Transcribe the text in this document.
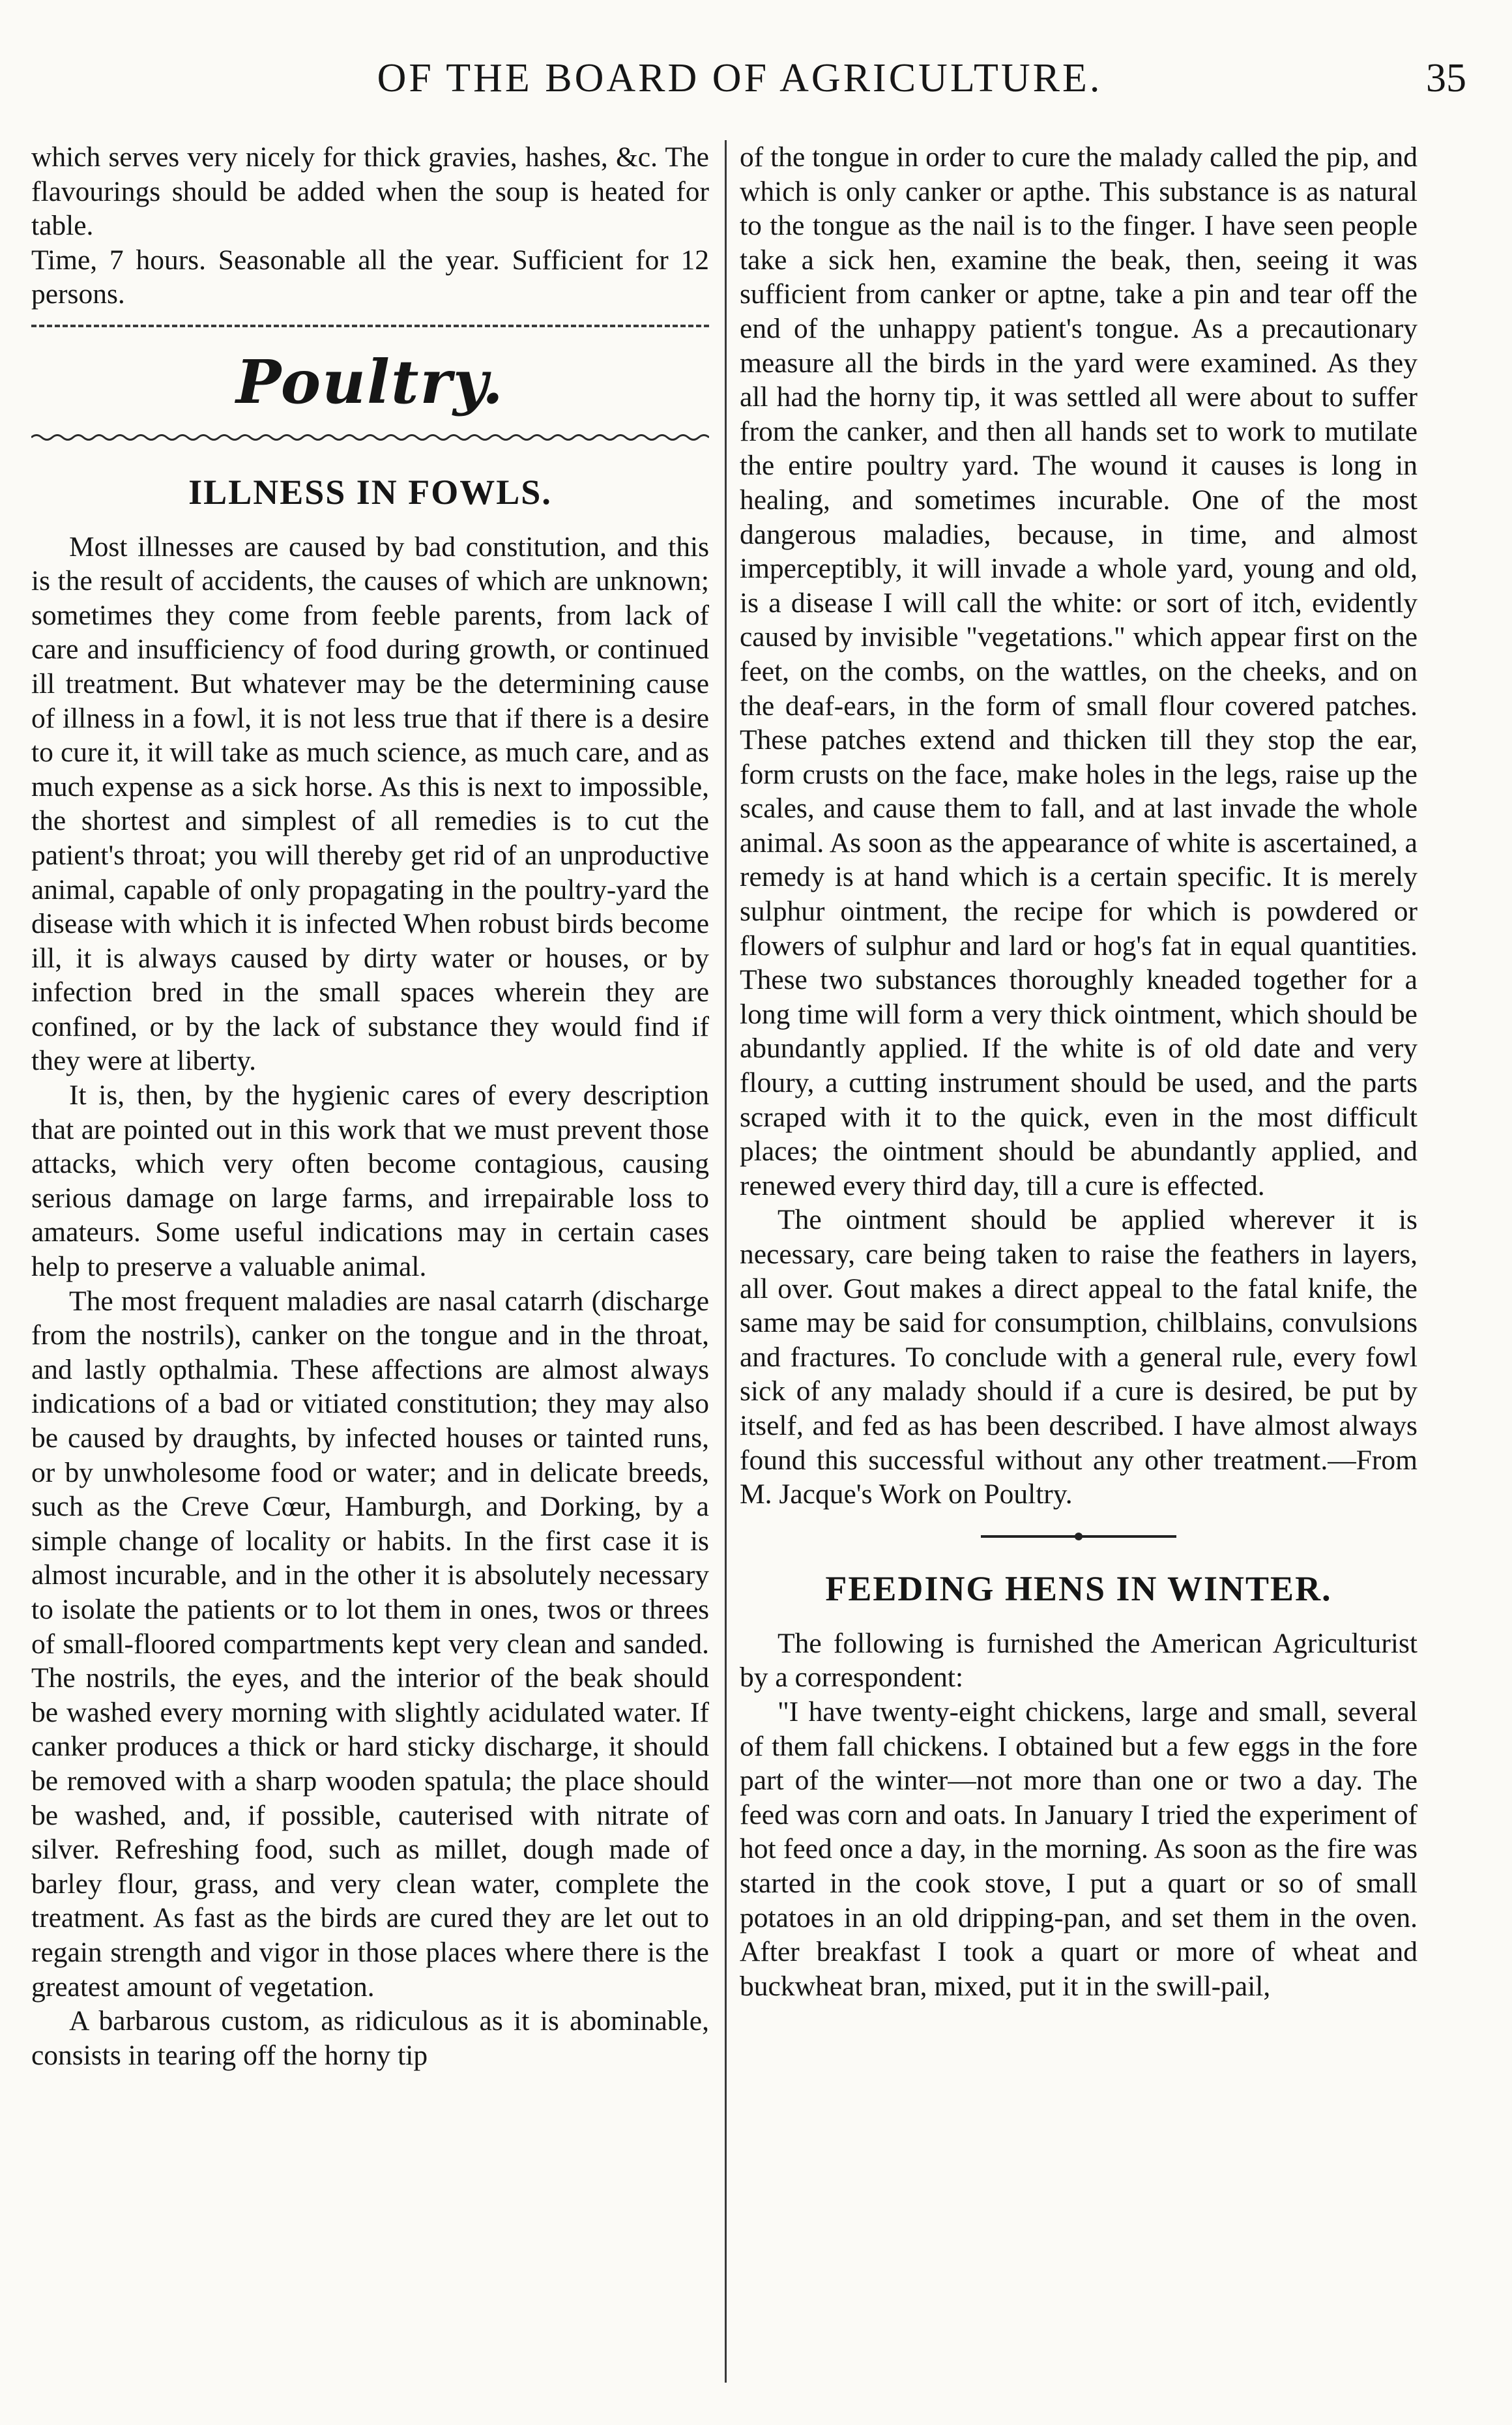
OF THE BOARD OF AGRICULTURE.	35

which serves very nicely for thick gravies, hashes, &c. The flavourings should be added when the soup is heated for table.

Time, 7 hours. Seasonable all the year. Sufficient for 12 persons.

Poultry.
ILLNESS IN FOWLS.

Most illnesses are caused by bad constitution, and this is the result of accidents, the causes of which are unknown; sometimes they come from feeble parents, from lack of care and insufficiency of food during growth, or continued ill treatment. But whatever may be the determining cause of illness in a fowl, it is not less true that if there is a desire to cure it, it will take as much science, as much care, and as much expense as a sick horse. As this is next to impossible, the shortest and simplest of all remedies is to cut the patient's throat; you will thereby get rid of an unproductive animal, capable of only propagating in the poultry-yard the disease with which it is infected When robust birds become ill, it is always caused by dirty water or houses, or by infection bred in the small spaces wherein they are confined, or by the lack of substance they would find if they were at liberty.

It is, then, by the hygienic cares of every description that are pointed out in this work that we must prevent those attacks, which very often become contagious, causing serious damage on large farms, and irrepairable loss to amateurs. Some useful indications may in certain cases help to preserve a valuable animal.

The most frequent maladies are nasal catarrh (discharge from the nostrils), canker on the tongue and in the throat, and lastly opthalmia. These affections are almost always indications of a bad or vitiated constitution; they may also be caused by draughts, by infected houses or tainted runs, or by unwholesome food or water; and in delicate breeds, such as the Creve Cœur, Hamburgh, and Dorking, by a simple change of locality or habits. In the first case it is almost incurable, and in the other it is absolutely necessary to isolate the patients or to lot them in ones, twos or threes of small-floored compartments kept very clean and sanded. The nostrils, the eyes, and the interior of the beak should be washed every morning with slightly acidulated water. If canker produces a thick or hard sticky discharge, it should be removed with a sharp wooden spatula; the place should be washed, and, if possible, cauterised with nitrate of silver. Refreshing food, such as millet, dough made of barley flour, grass, and very clean water, complete the treatment. As fast as the birds are cured they are let out to regain strength and vigor in those places where there is the greatest amount of vegetation.

A barbarous custom, as ridiculous as it is abominable, consists in tearing off the horny tip

of the tongue in order to cure the malady called the pip, and which is only canker or apthe. This substance is as natural to the tongue as the nail is to the finger. I have seen people take a sick hen, examine the beak, then, seeing it was sufficient from canker or aptne, take a pin and tear off the end of the unhappy patient's tongue. As a precautionary measure all the birds in the yard were examined. As they all had the horny tip, it was settled all were about to suffer from the canker, and then all hands set to work to mutilate the entire poultry yard. The wound it causes is long in healing, and sometimes incurable. One of the most dangerous maladies, because, in time, and almost imperceptibly, it will invade a whole yard, young and old, is a disease I will call the white: or sort of itch, evidently caused by invisible "vegetations." which appear first on the feet, on the combs, on the wattles, on the cheeks, and on the deaf-ears, in the form of small flour covered patches. These patches extend and thicken till they stop the ear, form crusts on the face, make holes in the legs, raise up the scales, and cause them to fall, and at last invade the whole animal. As soon as the appearance of white is ascertained, a remedy is at hand which is a certain specific. It is merely sulphur ointment, the recipe for which is powdered or flowers of sulphur and lard or hog's fat in equal quantities. These two substances thoroughly kneaded together for a long time will form a very thick ointment, which should be abundantly applied. If the white is of old date and very floury, a cutting instrument should be used, and the parts scraped with it to the quick, even in the most difficult places; the ointment should be abundantly applied, and renewed every third day, till a cure is effected.

The ointment should be applied wherever it is necessary, care being taken to raise the feathers in layers, all over. Gout makes a direct appeal to the fatal knife, the same may be said for consumption, chilblains, convulsions and fractures. To conclude with a general rule, every fowl sick of any malady should if a cure is desired, be put by itself, and fed as has been described. I have almost always found this successful without any other treatment.—From M. Jacque's Work on Poultry.

FEEDING HENS IN WINTER.

The following is furnished the American Agriculturist by a correspondent:

"I have twenty-eight chickens, large and small, several of them fall chickens. I obtained but a few eggs in the fore part of the winter—not more than one or two a day. The feed was corn and oats. In January I tried the experiment of hot feed once a day, in the morning. As soon as the fire was started in the cook stove, I put a quart or so of small potatoes in an old dripping-pan, and set them in the oven. After breakfast I took a quart or more of wheat and buckwheat bran, mixed, put it in the swill-pail,
